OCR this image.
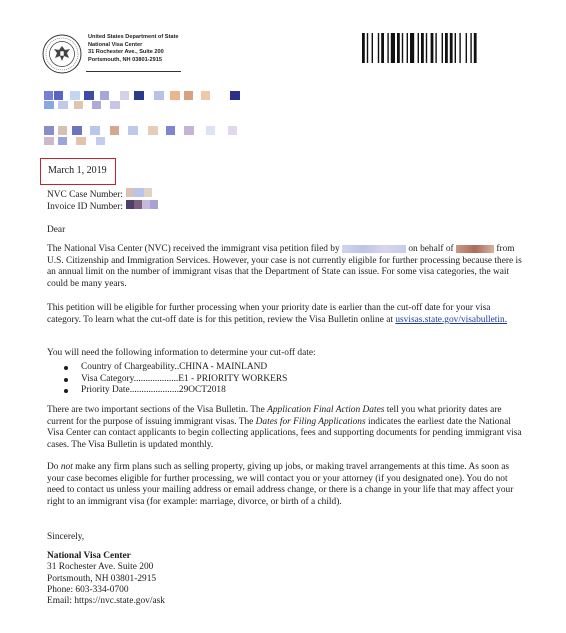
United States Department of State
National Visa Center
31 Rochester Ave., Suite 200
Portsmouth, NH 03801-2915
March 1, 2019
NVC Case Number:
Invoice ID Number:
Dear
The National Visa Center (NVC) received the immigrant visa petition filed by	on behalf of	from U.S. Citizenship and Immigration Services. However, your case is not currently eligible for further processing because there is an annual limit on the number of immigrant visas that the Department of State can issue. For some visa categories, the wait could be many years.
This petition will be eligible for further processing when your priority date is earlier than the cut-off date for your visa category. To learn what the cut-off date is for this petition, review the Visa Bulletin online at usvisas.state.gov/visabulletin.
You will need the following information to determine your cut-off date:
Country of Chargeability..CHINA - MAINLAND
Visa Category...................E1 - PRIORITY WORKERS
Priority Date.....................29OCT2018
There are two important sections of the Visa Bulletin. The Application Final Action Dates tell you what priority dates are current for the purpose of issuing immigrant visas. The Dates for Filing Applications indicates the earliest date the National Visa Center can contact applicants to begin collecting applications, fees and supporting documents for pending immigrant visa cases. The Visa Bulletin is updated monthly.
Do not make any firm plans such as selling property, giving up jobs, or making travel arrangements at this time. As soon as your case becomes eligible for further processing, we will contact you or your attorney (if you designated one). You do not need to contact us unless your mailing address or email address change, or there is a change in your life that may affect your right to an immigrant visa (for example: marriage, divorce, or birth of a child).
Sincerely,
National Visa Center
31 Rochester Ave. Suite 200
Portsmouth, NH 03801-2915
Phone: 603-334-0700
Email: https://nvc.state.gov/ask
